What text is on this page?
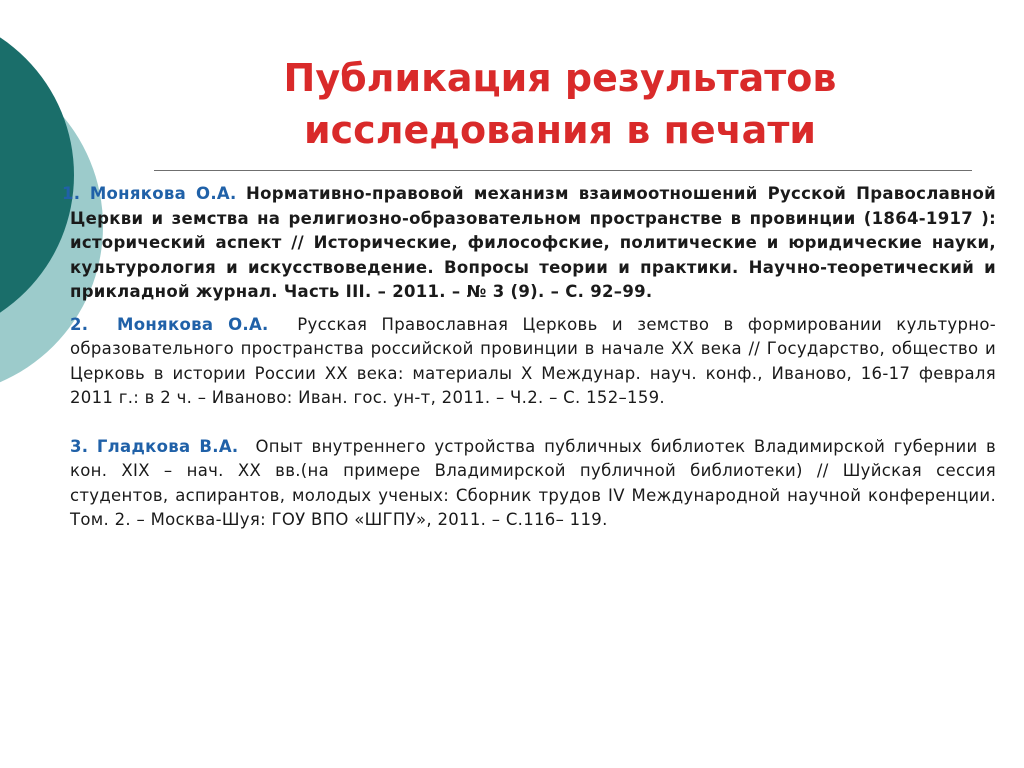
Публикация результатов
исследования в печати
1. Монякова О.А. Нормативно-правовой механизм взаимоотношений Русской Православной Церкви и земства на религиозно-образовательном пространстве в провинции (1864-1917 ): исторический аспект // Исторические, философские, политические и юридические науки, культурология и искусствоведение. Вопросы теории и практики. Научно-теоретический и прикладной журнал. Часть III. – 2011. – № 3 (9). – С. 92–99.
2. Монякова О.А. Русская Православная Церковь и земство в формировании культурно-образовательного пространства российской провинции в начале XX века // Государство, общество и Церковь в истории России XX века: материалы X Междунар. науч. конф., Иваново, 16-17 февраля 2011 г.: в 2 ч. – Иваново: Иван. гос. ун-т, 2011. – Ч.2. – С. 152–159.
3. Гладкова В.А. Опыт внутреннего устройства публичных библиотек Владимирской губернии в кон. XIX – нач. XX вв.(на примере Владимирской публичной библиотеки) // Шуйская сессия студентов, аспирантов, молодых ученых: Сборник трудов IV Международной научной конференции. Том. 2. – Москва-Шуя: ГОУ ВПО «ШГПУ», 2011. – С.116– 119.
